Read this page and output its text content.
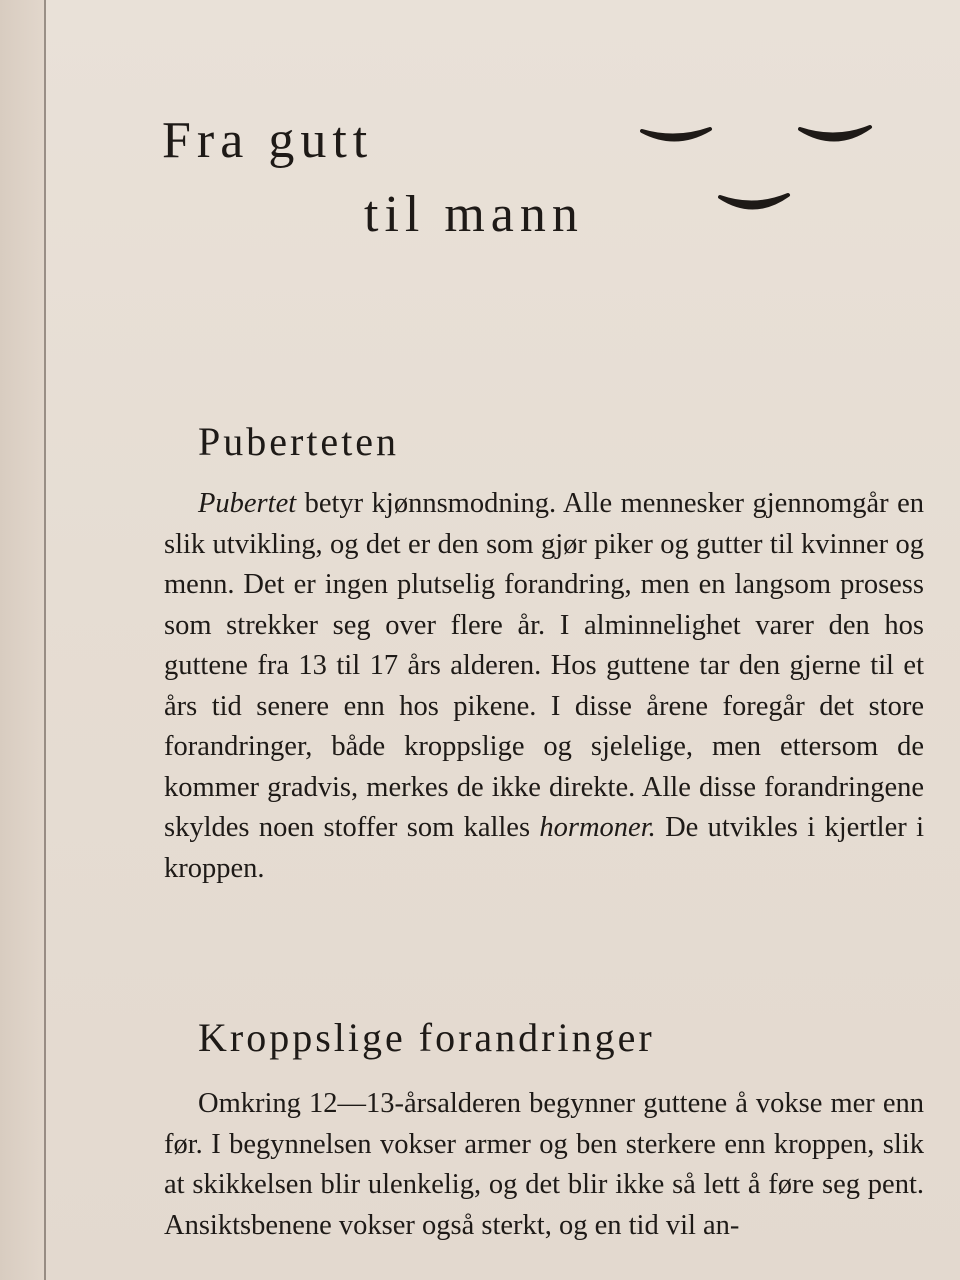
Fra gutt
til mann
Puberteten

Pubertet betyr kjønnsmodning. Alle mennesker gjennomgår en slik utvikling, og det er den som gjør piker og gutter til kvinner og menn. Det er ingen plutselig forandring, men en langsom prosess som strekker seg over flere år. I alminnelighet varer den hos guttene fra 13 til 17 års alderen. Hos guttene tar den gjerne til et års tid senere enn hos pikene. I disse årene foregår det store forandringer, både kroppslige og sjelelige, men ettersom de kommer gradvis, merkes de ikke direkte. Alle disse forandringene skyldes noen stoffer som kalles hormoner. De utvikles i kjertler i kroppen.

Kroppslige forandringer

Omkring 12—13-årsalderen begynner guttene å vokse mer enn før. I begynnelsen vokser armer og ben sterkere enn kroppen, slik at skikkelsen blir ulenkelig, og det blir ikke så lett å føre seg pent. Ansiktsbenene vokser også sterkt, og en tid vil an-
